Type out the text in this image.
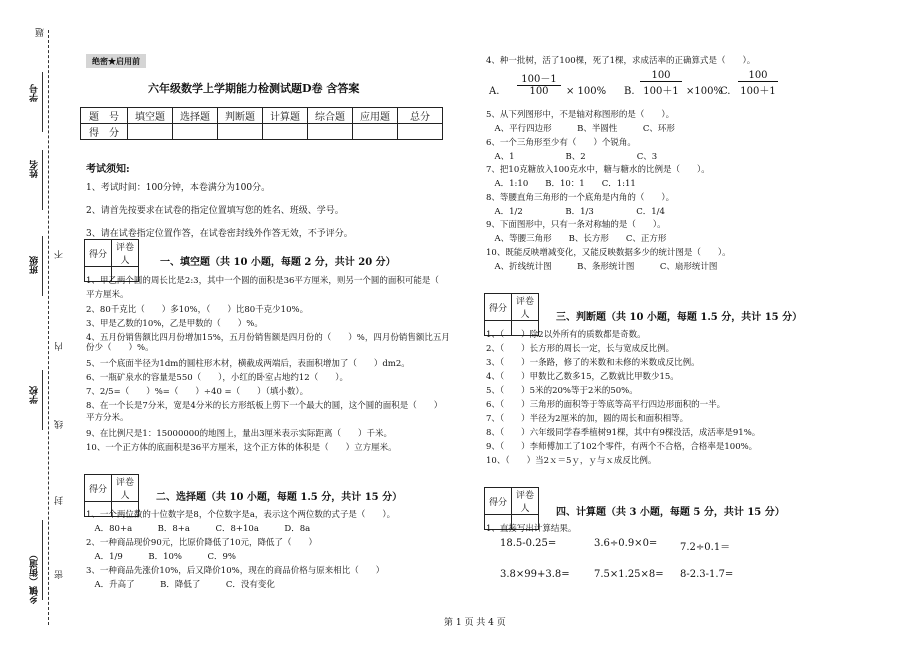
题
学号
姓名
班级
学校
乡镇（街道）
不
内
线
封
密
绝密★启用前
六年级数学上学期能力检测试题D卷 含答案
题　号	填空题	选择题	判断题	计算题	综合题	应用题	总分
得　分							
考试须知:
1、考试时间：100分钟，本卷满分为100分。
2、请首先按要求在试卷的指定位置填写您的姓名、班级、学号。
3、请在试卷指定位置作答，在试卷密封线外作答无效，不予评分。
得分	评卷人
		一、填空题（共 10 小题，每题 2 分，共计 20 分）
1、甲乙两个圆的周长比是2:3，其中一个圆的面积是36平方厘米，则另一个圆的面积可能是（
平方厘米。
2、80千克比（　　）多10%，（　　）比80千克少10%。
3、甲是乙数的10%，乙是甲数的（　　）%。
4、五月份销售额比四月份增加15%，五月份销售额是四月份的（　　）%，四月份销售额比五月
份少（　　）%。
5、一个底面半径为1dm的圆柱形木材，横截成两端后，表面积增加了（　　）dm2。
6、一瓶矿泉水的容量是550（　　），小红的卧室占地约12（　　）。
7、2/5=（　　）%=（　　）÷40 =（　　）（填小数）。
8、在一个长是7分米，宽是4分米的长方形纸板上剪下一个最大的圆，这个圆的面积是（　　）
平方分米。
9、在比例尺是1：15000000的地图上，量出3厘米表示实际距离（　　）千米。
10、一个正方体的底面积是36平方厘米，这个正方体的体积是（　　）立方厘米。
得分	评卷人
		二、选择题（共 10 小题，每题 1.5 分，共计 15 分）
1、一个两位数的十位数字是8，个位数字是a，表示这个两位数的式子是（　　）。
　A．80+a　　　B．8+a　　　C．8+10a　　　D．8a
2、一种商品现价90元，比原价降低了10元，降低了（　　）
　A．1/9　　　B．10%　　　C．9%
3、一种商品先涨价10%，后又降价10%，现在的商品价格与原来相比（　　）
　A．升高了　　　B．降低了　　　C．没有变化
4、种一批树，活了100棵，死了1棵，求成活率的正确算式是（　　）。
A. $\frac{100-1}{100} \times 100\%$ B. $\frac{100}{100+1} \times 100\%$
C. $\frac{100}{100+1}$
5、从下列图形中，不是轴对称图形的是（　　）。
　A、平行四边形　　　B、半圆性　　　C、环形
6、一个三角形至少有（　　）个锐角。
　A、1　　　　　　B、2　　　　　　C、3
7、把10克糖放入100克水中，糖与糖水的比例是（　　）。
　A．1:10　　B．10：1　　C．1:11
8、等腰直角三角形的一个底角是内角的（　　）。
　A．1/2　　　　　B．1/3　　　　　C．1/4
9、下面图形中，只有一条对称轴的是（　　）。
　A、等腰三角形　　B、长方形　　C、正方形
10、既能反映增减变化，又能反映数据多少的统计图是（　　）。
　A、折线统计图　　　B、条形统计图　　　C、扇形统计图
得分	评卷人
		三、判断题（共 10 小题，每题 1.5 分，共计 15 分）
1、（　　）除2以外所有的质数都是奇数。
2、（　　）长方形的周长一定，长与宽成反比例。
3、（　　）一条路，修了的米数和未修的米数成反比例。
4、（　　）甲数比乙数多15，乙数就比甲数少15。
5、（　　）5米的20%等于2米的50%。
6、（　　）三角形的面积等于等底等高平行四边形面积的一半。
7、（　　）半径为2厘米的加，圆的周长和面积相等。
8、（　　）六年级同学春季植树91棵，其中有9棵没活，成活率是91%。
9、（　　）李师傅加工了102个零件，有两个不合格，合格率是100%。
10、（　　）当2ｘ＝5ｙ，ｙ与ｘ成反比例。
得分	评卷人
		四、计算题（共 3 小题，每题 5 分，共计 15 分）
1、直接写出计算结果。
18.5-0.25=	3.6÷0.9×0= 7.2÷0.1＝
3.8×99+3.8= 7.5×1.25×8= 8-2.3-1.7=
第 1 页 共 4 页
